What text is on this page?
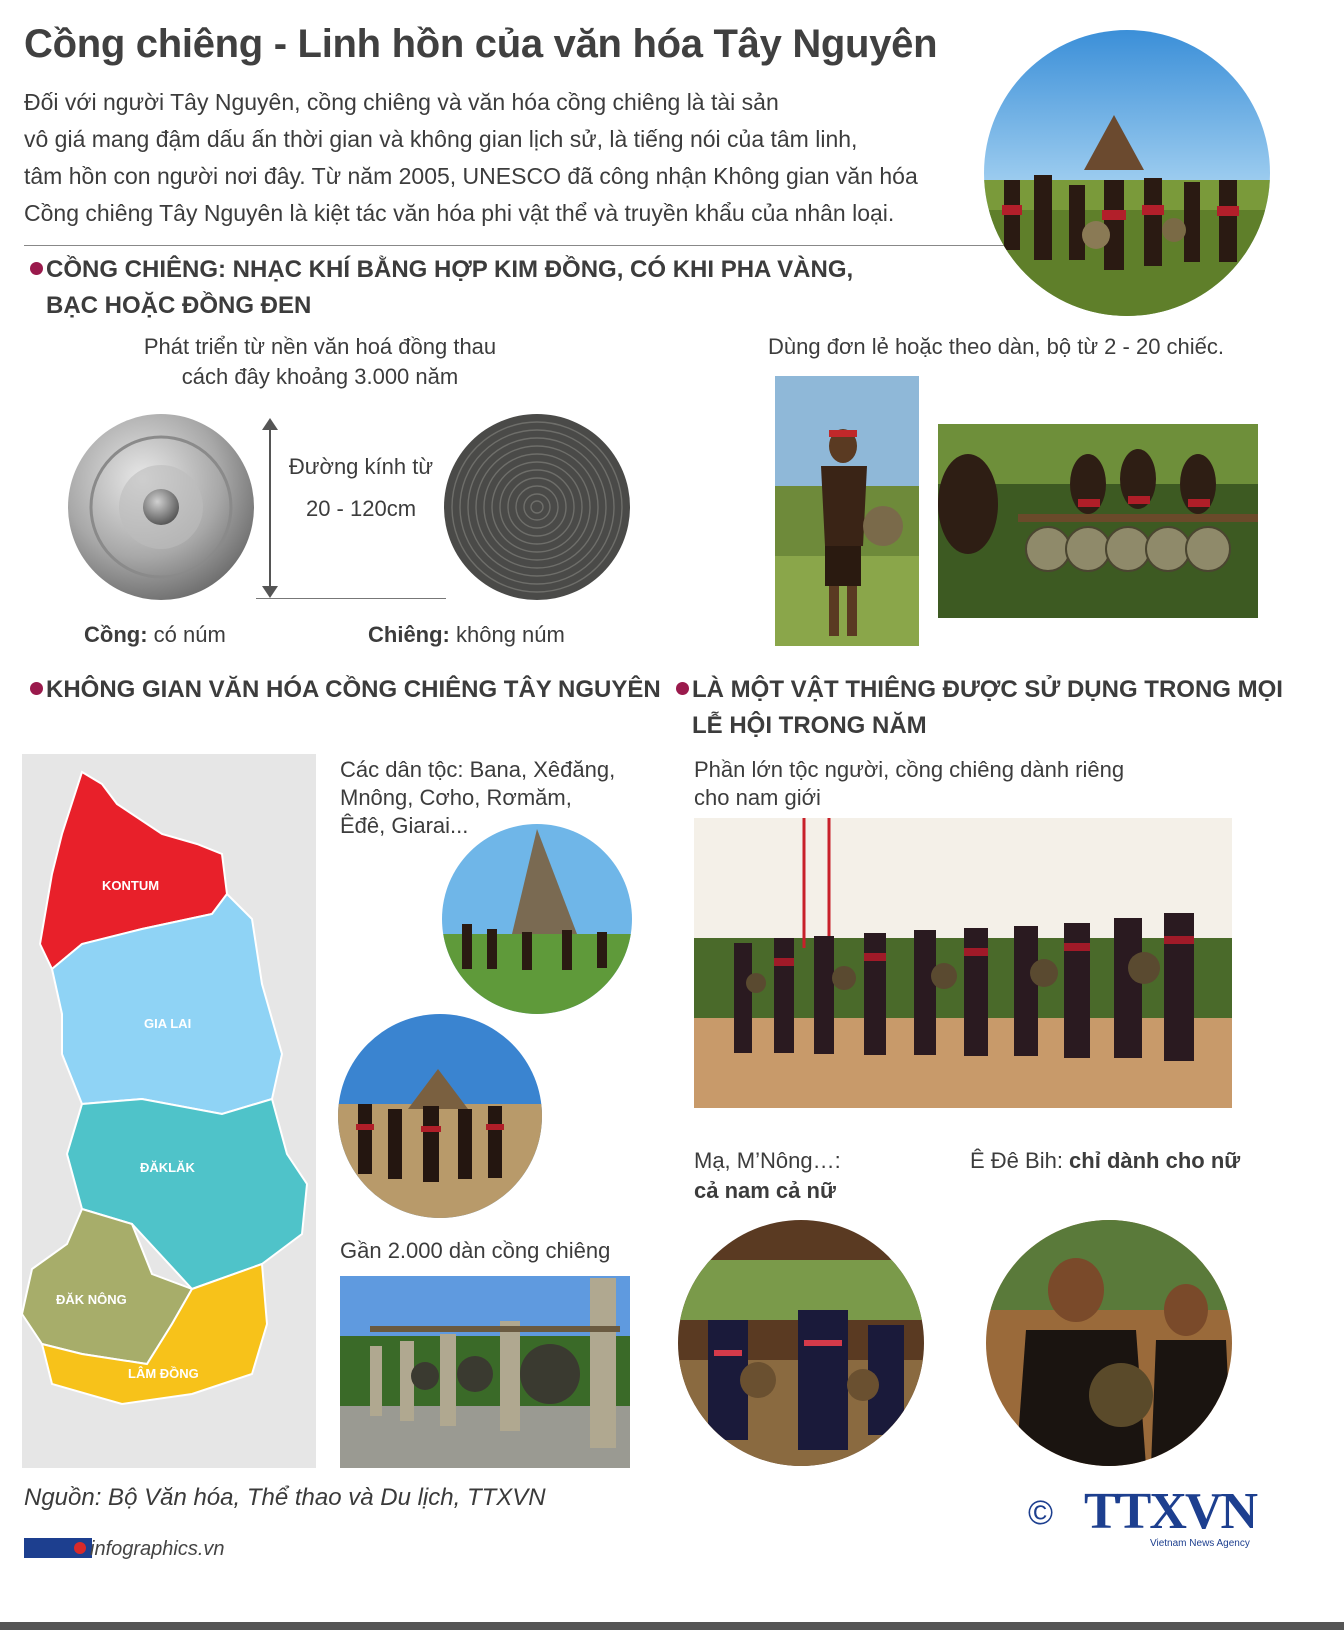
Cồng chiêng - Linh hồn của văn hóa Tây Nguyên
Đối với người Tây Nguyên, cồng chiêng và văn hóa cồng chiêng là tài sản
vô giá mang đậm dấu ấn thời gian và không gian lịch sử, là tiếng nói của tâm linh,
tâm hồn con người nơi đây. Từ năm 2005, UNESCO đã công nhận Không gian văn hóa
Cồng chiêng Tây Nguyên là kiệt tác văn hóa phi vật thể và truyền khẩu của nhân loại.
CỒNG CHIÊNG: NHẠC KHÍ BẰNG HỢP KIM ĐỒNG, CÓ KHI PHA VÀNG,
BẠC HOẶC ĐỒNG ĐEN
Phát triển từ nền văn hoá đồng thau
cách đây khoảng 3.000 năm
Đường kính từ
20 - 120cm
Cồng: có núm	Chiêng: không núm
Dùng đơn lẻ hoặc theo dàn, bộ từ 2 - 20 chiếc.
KHÔNG GIAN VĂN HÓA CỒNG CHIÊNG TÂY NGUYÊN
KONTUM
GIA LAI
ĐĂKLĂK
ĐĂK NÔNG
LÂM ĐỒNG
Các dân tộc: Bana, Xêđăng,
Mnông, Cơho, Rơmăm,
Êđê, Giarai...
Gần 2.000 dàn cồng chiêng
LÀ MỘT VẬT THIÊNG ĐƯỢC SỬ DỤNG TRONG MỌI
LỄ HỘI TRONG NĂM
Phần lớn tộc người, cồng chiêng dành riêng
cho nam giới
Mạ, M’Nông…:
cả nam cả nữ
Ê Đê Bih: chỉ dành cho nữ
Nguồn: Bộ Văn hóa, Thể thao và Du lịch, TTXVN	© TTXVN
Vietnam News Agency
infographics.vn
